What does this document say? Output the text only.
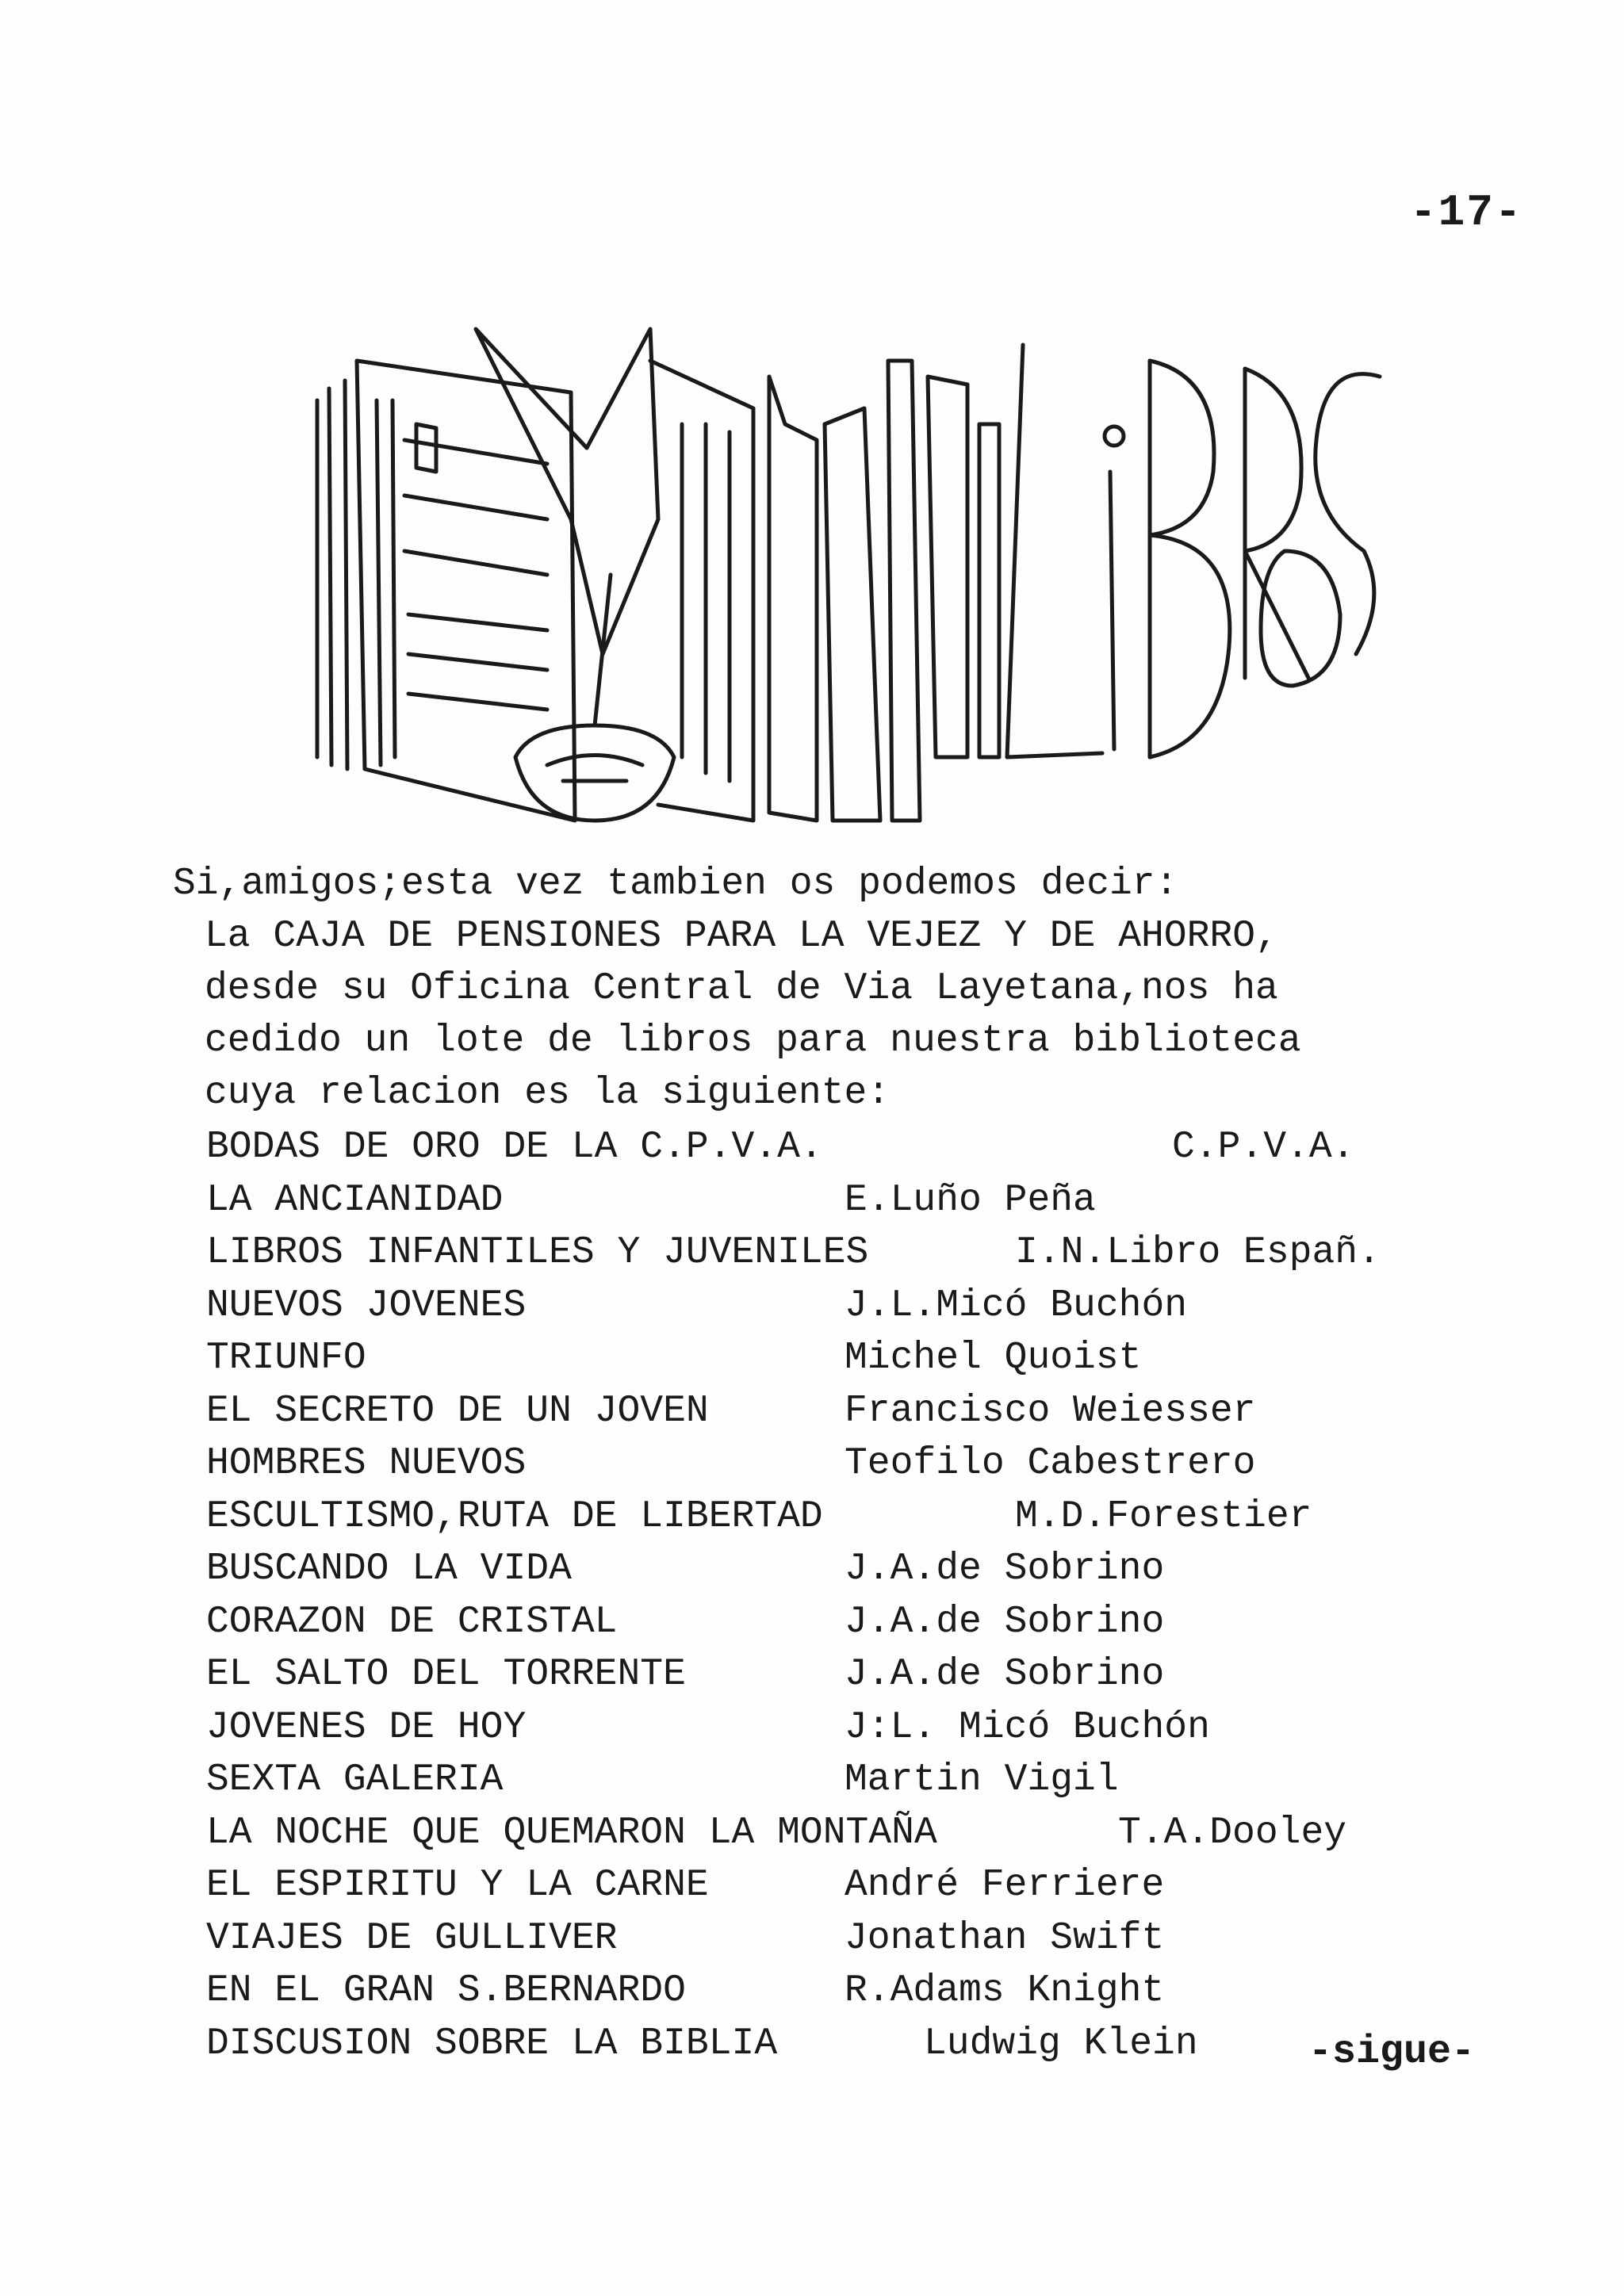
-17-
Si,amigos;esta vez tambien os podemos decir:
La CAJA DE PENSIONES PARA LA VEJEZ Y DE AHORRO,
desde su Oficina Central de Via Layetana,nos ha
cedido un lote de libros para nuestra biblioteca
cuya relacion es la siguiente:
BODAS DE ORO DE LA C.P.V.A.	C.P.V.A.
LA ANCIANIDAD	E.Luño Peña
LIBROS INFANTILES Y JUVENILES	I.N.Libro Españ.
NUEVOS JOVENES	J.L.Micó Buchón
TRIUNFO	Michel Quoist
EL SECRETO DE UN JOVEN	Francisco Weiesser
HOMBRES NUEVOS	Teofilo Cabestrero
ESCULTISMO,RUTA DE LIBERTAD	M.D.Forestier
BUSCANDO LA VIDA	J.A.de Sobrino
CORAZON DE CRISTAL	J.A.de Sobrino
EL SALTO DEL TORRENTE	J.A.de Sobrino
JOVENES DE HOY	J:L. Micó Buchón
SEXTA GALERIA	Martin Vigil
LA NOCHE QUE QUEMARON LA MONTAÑA	T.A.Dooley
EL ESPIRITU Y LA CARNE	André Ferriere
VIAJES DE GULLIVER	Jonathan Swift
EN EL GRAN S.BERNARDO	R.Adams Knight
DISCUSION SOBRE LA BIBLIA	Ludwig Klein	-sigue-
